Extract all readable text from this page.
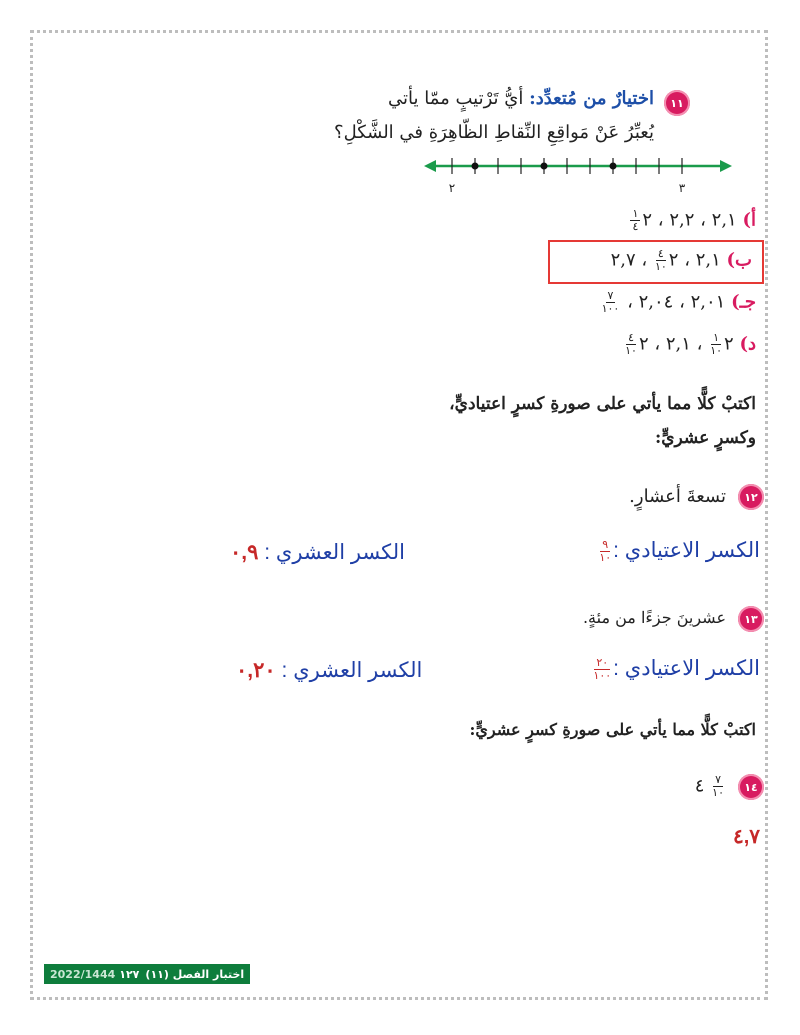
١١
اختيارٌ من مُتعدِّد: أيُّ تَرْتيبٍ ممّا يأتي
يُعبِّرُ عَنْ مَواقِعِ النِّقاطِ الظّاهِرَةِ في الشَّكْلِ؟
٢	٣
أ) ٢,١ ، ٢,٢ ، ٢
$\frac{١}{٤}$
ب) ٢,١ ، ٢
$\frac{٤}{١٠}$
، ٢,٧
جـ) ٢,٠١ ، ٢,٠٤ ،
$\frac{٧}{١٠٠}$
د) ٢
$\frac{١}{١٠}$
، ٢,١ ، ٢
$\frac{٤}{١٠}$
اكتبْ كلًّا مما يأتي على صورةِ كسرٍ اعتياديٍّ،
وكسرٍ عشريٍّ:
١٢
تسعةَ أعشارٍ.
الكسر الاعتيادي :
$\frac{٩}{١٠}$
الكسر العشري : ٠,٩
١٣
عشرينَ جزءًا من مئةٍ.
الكسر الاعتيادي :
$\frac{٢٠}{١٠٠}$
الكسر العشري : ٠,٢٠
اكتبْ كلًّا مما يأتي على صورةِ كسرٍ عشريٍّ:
١٤
٤ $\frac{٧}{١٠}$
٤,٧
2022/1444 ١٢٧ اختبار الفصل (١١)
